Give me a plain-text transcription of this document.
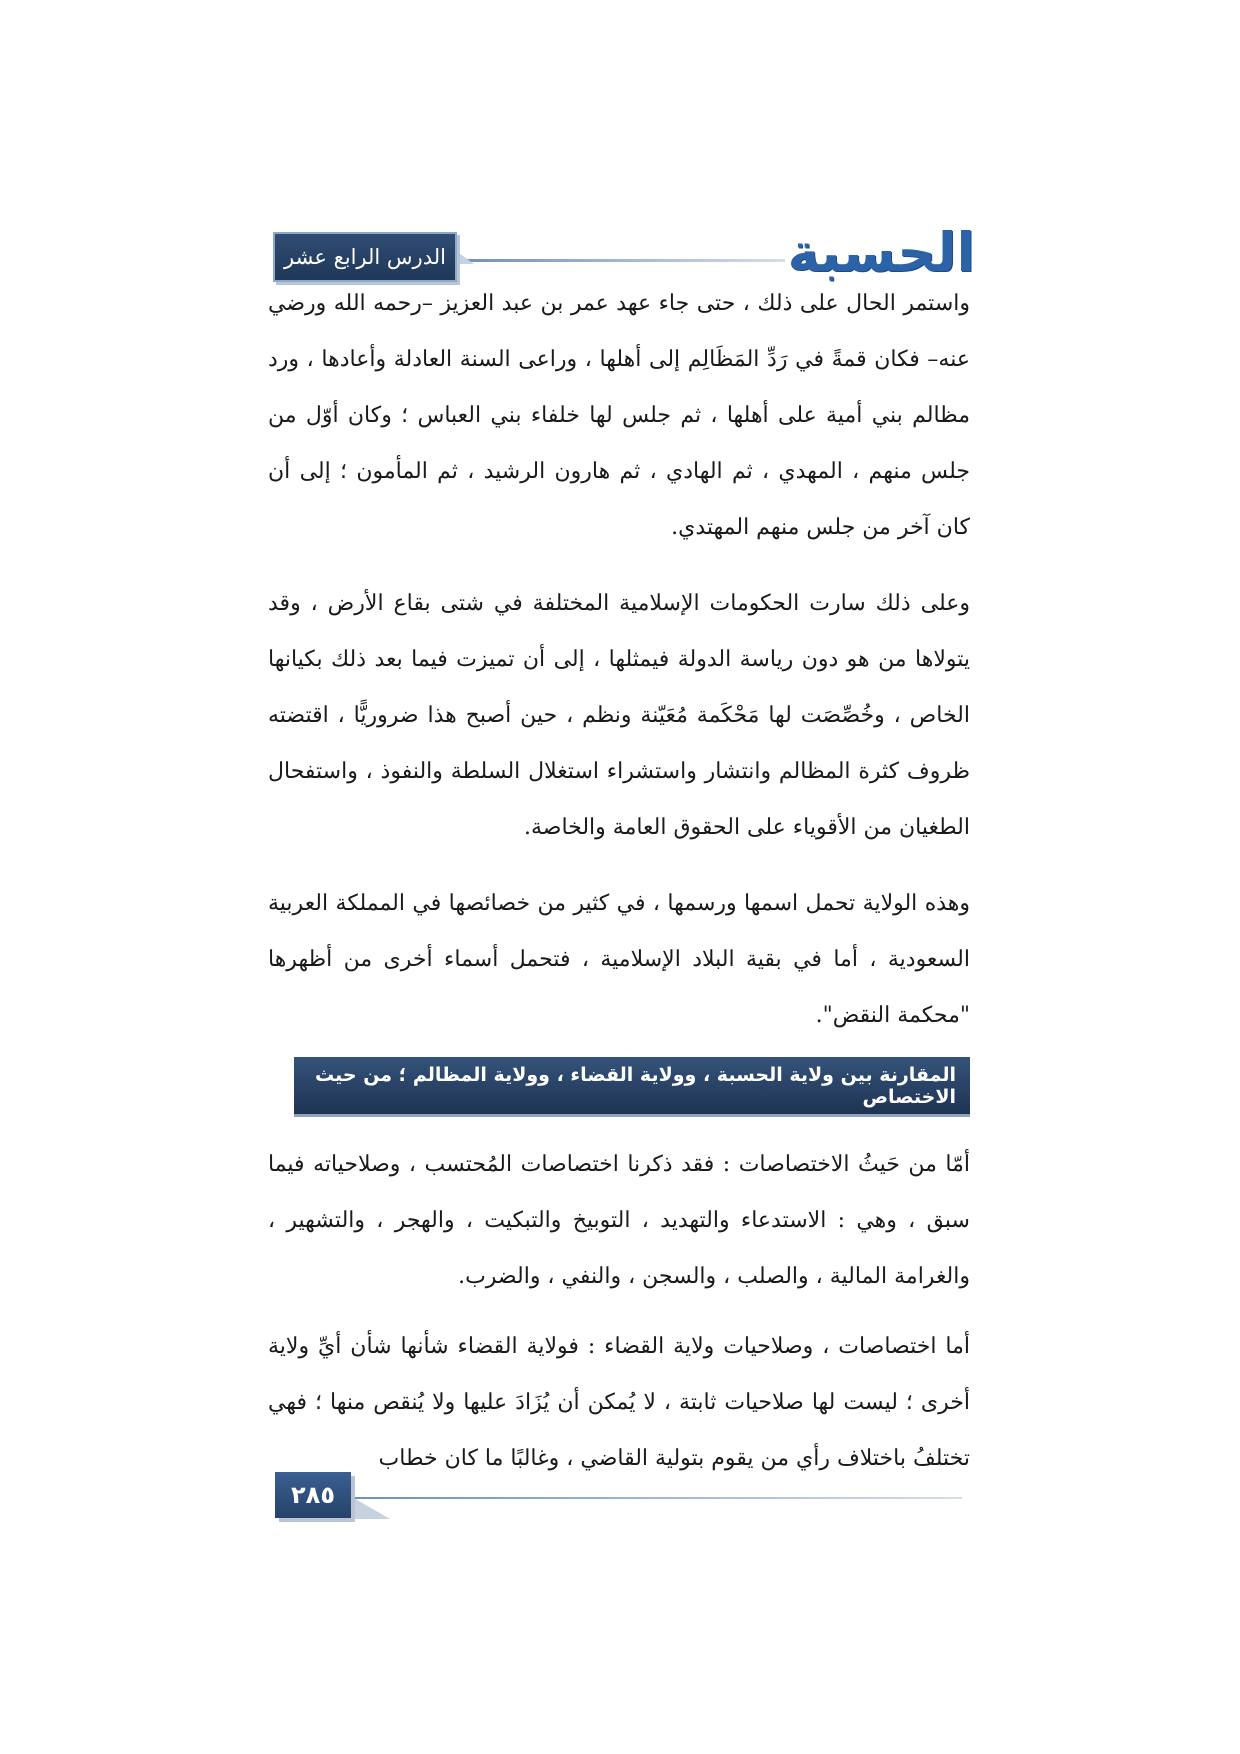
الحسبة
الدرس الرابع عشر

واستمر الحال على ذلك ، حتى جاء عهد عمر بن عبد العزيز –رحمه الله ورضي عنه– فكان قمةً في رَدِّ المَظَالِم إلى أهلها ، وراعى السنة العادلة وأعادها ، ورد مظالم بني أمية على أهلها ، ثم جلس لها خلفاء بني العباس ؛ وكان أوّل من جلس منهم ، المهدي ، ثم الهادي ، ثم هارون الرشيد ، ثم المأمون ؛ إلى أن كان آخر من جلس منهم المهتدي.

وعلى ذلك سارت الحكومات الإسلامية المختلفة في شتى بقاع الأرض ، وقد يتولاها من هو دون رياسة الدولة فيمثلها ، إلى أن تميزت فيما بعد ذلك بكيانها الخاص ، وخُصِّصَت لها مَحْكَمة مُعَيّنة ونظم ، حين أصبح هذا ضروريًّا ، اقتضته ظروف كثرة المظالم وانتشار واستشراء استغلال السلطة والنفوذ ، واستفحال الطغيان من الأقوياء على الحقوق العامة والخاصة.

وهذه الولاية تحمل اسمها ورسمها ، في كثير من خصائصها في المملكة العربية السعودية ، أما في بقية البلاد الإسلامية ، فتحمل أسماء أخرى من أظهرها "محكمة النقض".

المقارنة بين ولاية الحسبة ، وولاية القضاء ، وولاية المظالم ؛ من حيث الاختصاص

أمّا من حَيثُ الاختصاصات : فقد ذكرنا اختصاصات المُحتسب ، وصلاحياته فيما سبق ، وهي : الاستدعاء والتهديد ، التوبيخ والتبكيت ، والهجر ، والتشهير ، والغرامة المالية ، والصلب ، والسجن ، والنفي ، والضرب.

أما اختصاصات ، وصلاحيات ولاية القضاء : فولاية القضاء شأنها شأن أيِّ ولاية أخرى ؛ ليست لها صلاحيات ثابتة ، لا يُمكن أن يُزَادَ عليها ولا يُنقص منها ؛ فهي تختلفُ باختلاف رأي من يقوم بتولية القاضي ، وغالبًا ما كان خطاب

٢٨٥
